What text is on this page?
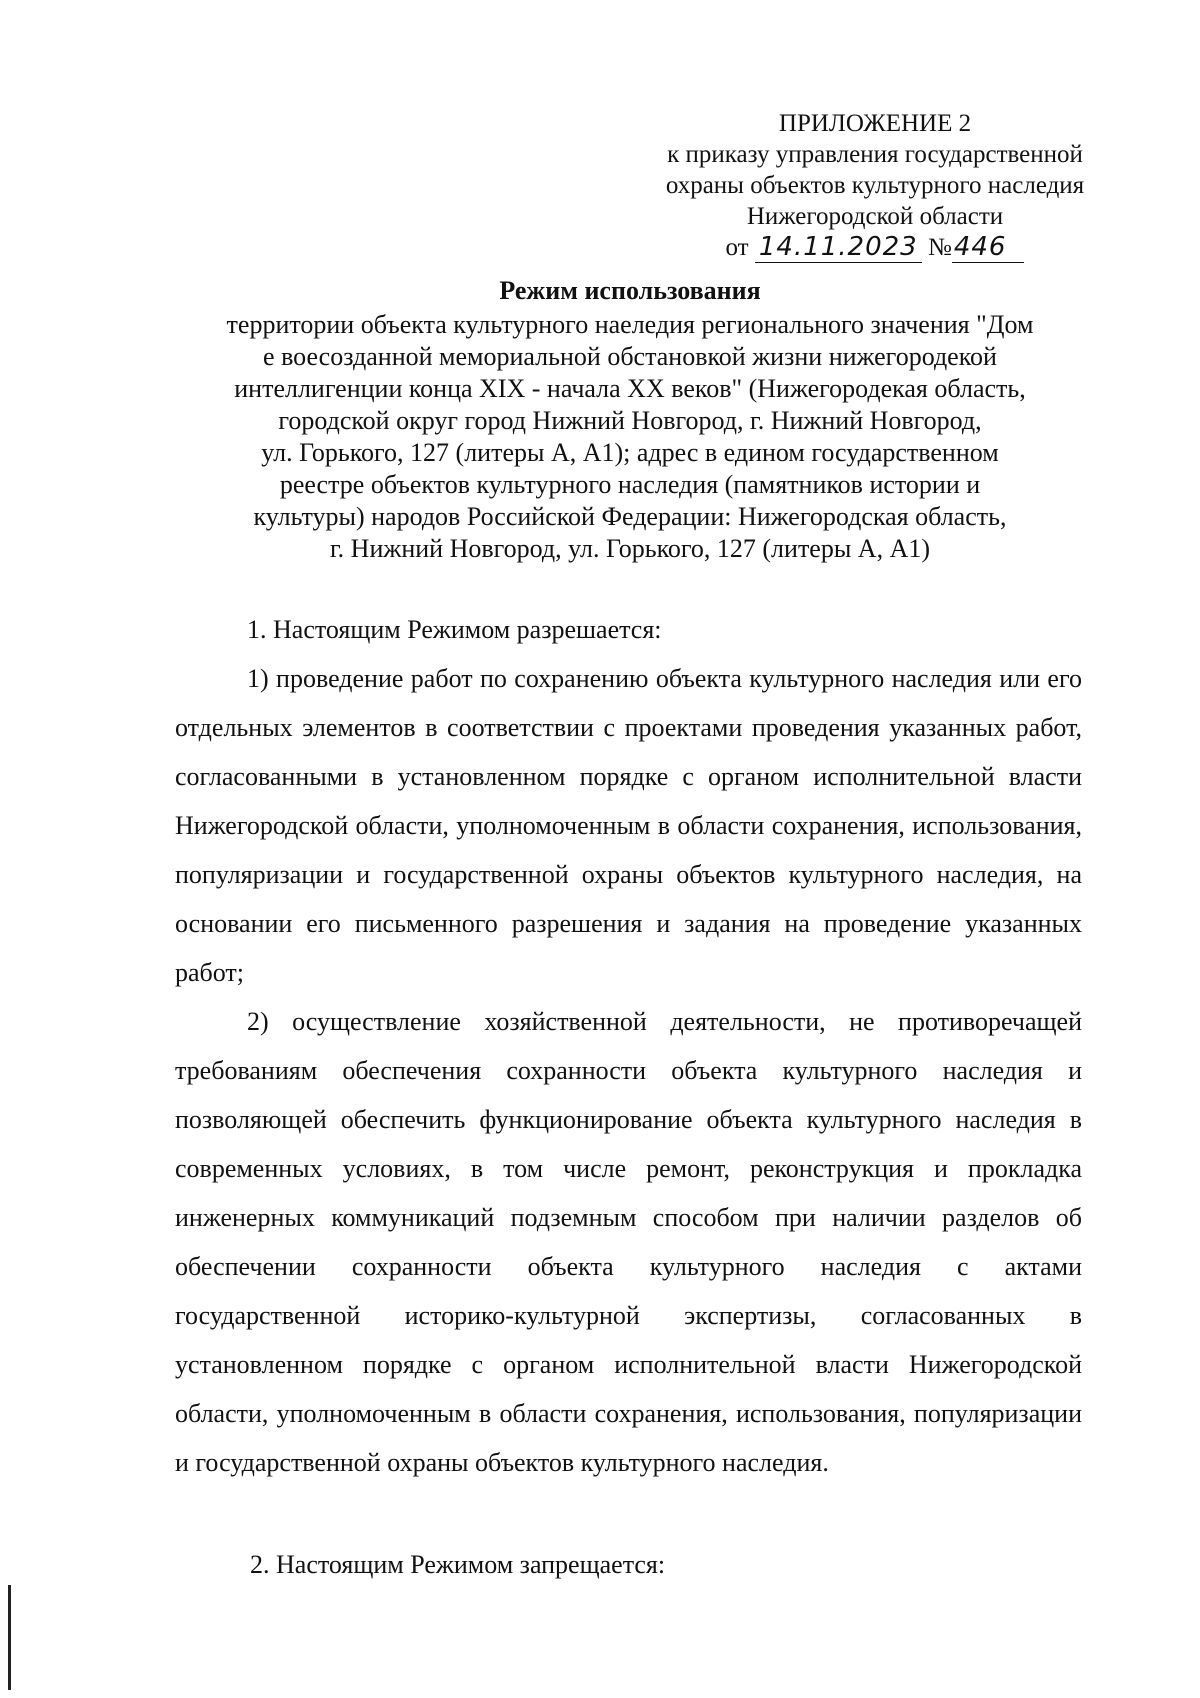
ПРИЛОЖЕНИЕ 2
к приказу управления государственной
охраны объектов культурного наследия
Нижегородской области
от 14.11.2023 №446
Режим использования
территории объекта культурного наеледия регионального значения "Дом
е воесозданной мемориальной обстановкой жизни нижегородекой
интеллигенции конца XIX - начала XX веков" (Нижегородекая область,
городской округ город Нижний Новгород, г. Нижний Новгород,
ул. Горького, 127 (литеры А, А1); адрес в едином государственном
реестре объектов культурного наследия (памятников истории и
культуры) народов Российской Федерации: Нижегородская область,
г. Нижний Новгород, ул. Горького, 127 (литеры А, А1)

1. Настоящим Режимом разрешается:

1) проведение работ по сохранению объекта культурного наследия или его отдельных элементов в соответствии с проектами проведения указанных работ, согласованными в установленном порядке с органом исполнительной власти Нижегородской области, уполномоченным в области сохранения, использования, популяризации и государственной охраны объектов культурного наследия, на основании его письменного разрешения и задания на проведение указанных работ;

2) осуществление хозяйственной деятельности, не противоречащей требованиям обеспечения сохранности объекта культурного наследия и позволяющей обеспечить функционирование объекта культурного наследия в современных условиях, в том числе ремонт, реконструкция и прокладка инженерных коммуникаций подземным способом при наличии разделов об обеспечении сохранности объекта культурного наследия с актами государственной историко-культурной экспертизы, согласованных в установленном порядке с органом исполнительной власти Нижегородской области, уполномоченным в области сохранения, использования, популяризации и государственной охраны объектов культурного наследия.

2. Настоящим Режимом запрещается:
